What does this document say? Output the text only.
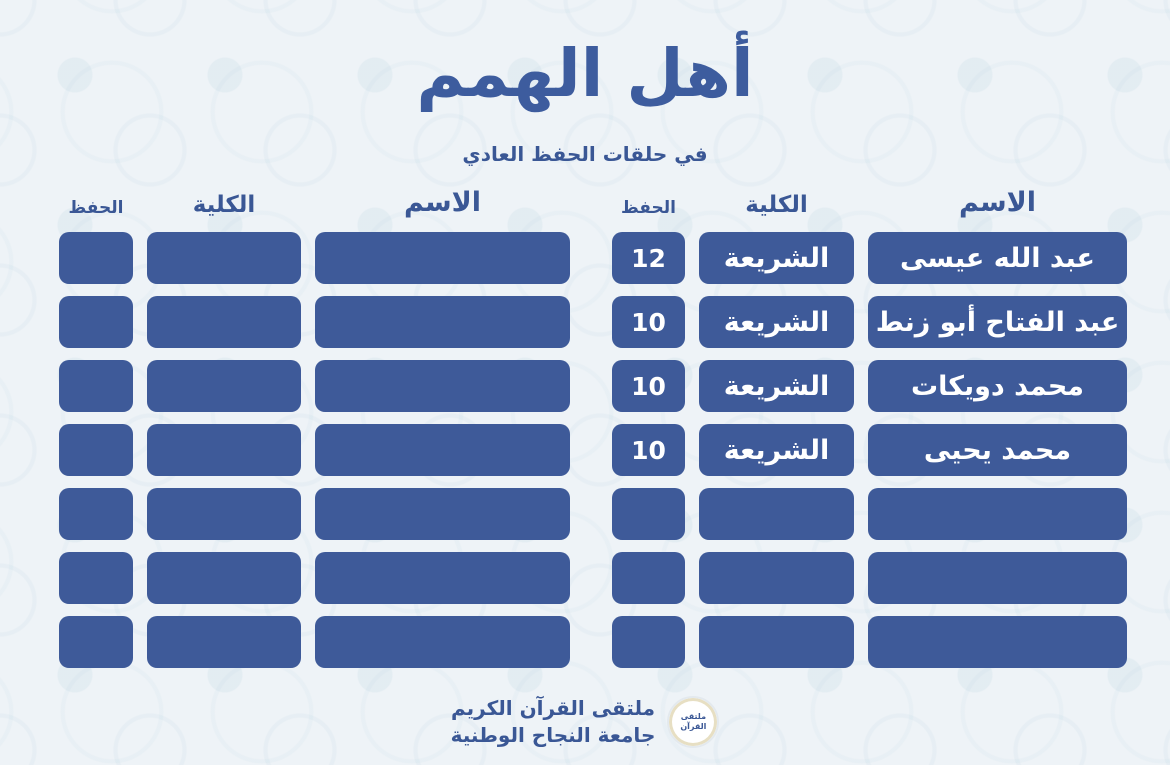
أهل الهمم
في حلقات الحفظ العادي
الاسم
الكلية
الحفظ
عبد الله عيسى
الشريعة
12
عبد الفتاح أبو زنط
الشريعة
10
محمد دويكات
الشريعة
10
محمد يحيى
الشريعة
10
الاسم
الكلية
الحفظ
ملتقى القرآن
ملتقى القرآن الكريم
جامعة النجاح الوطنية
